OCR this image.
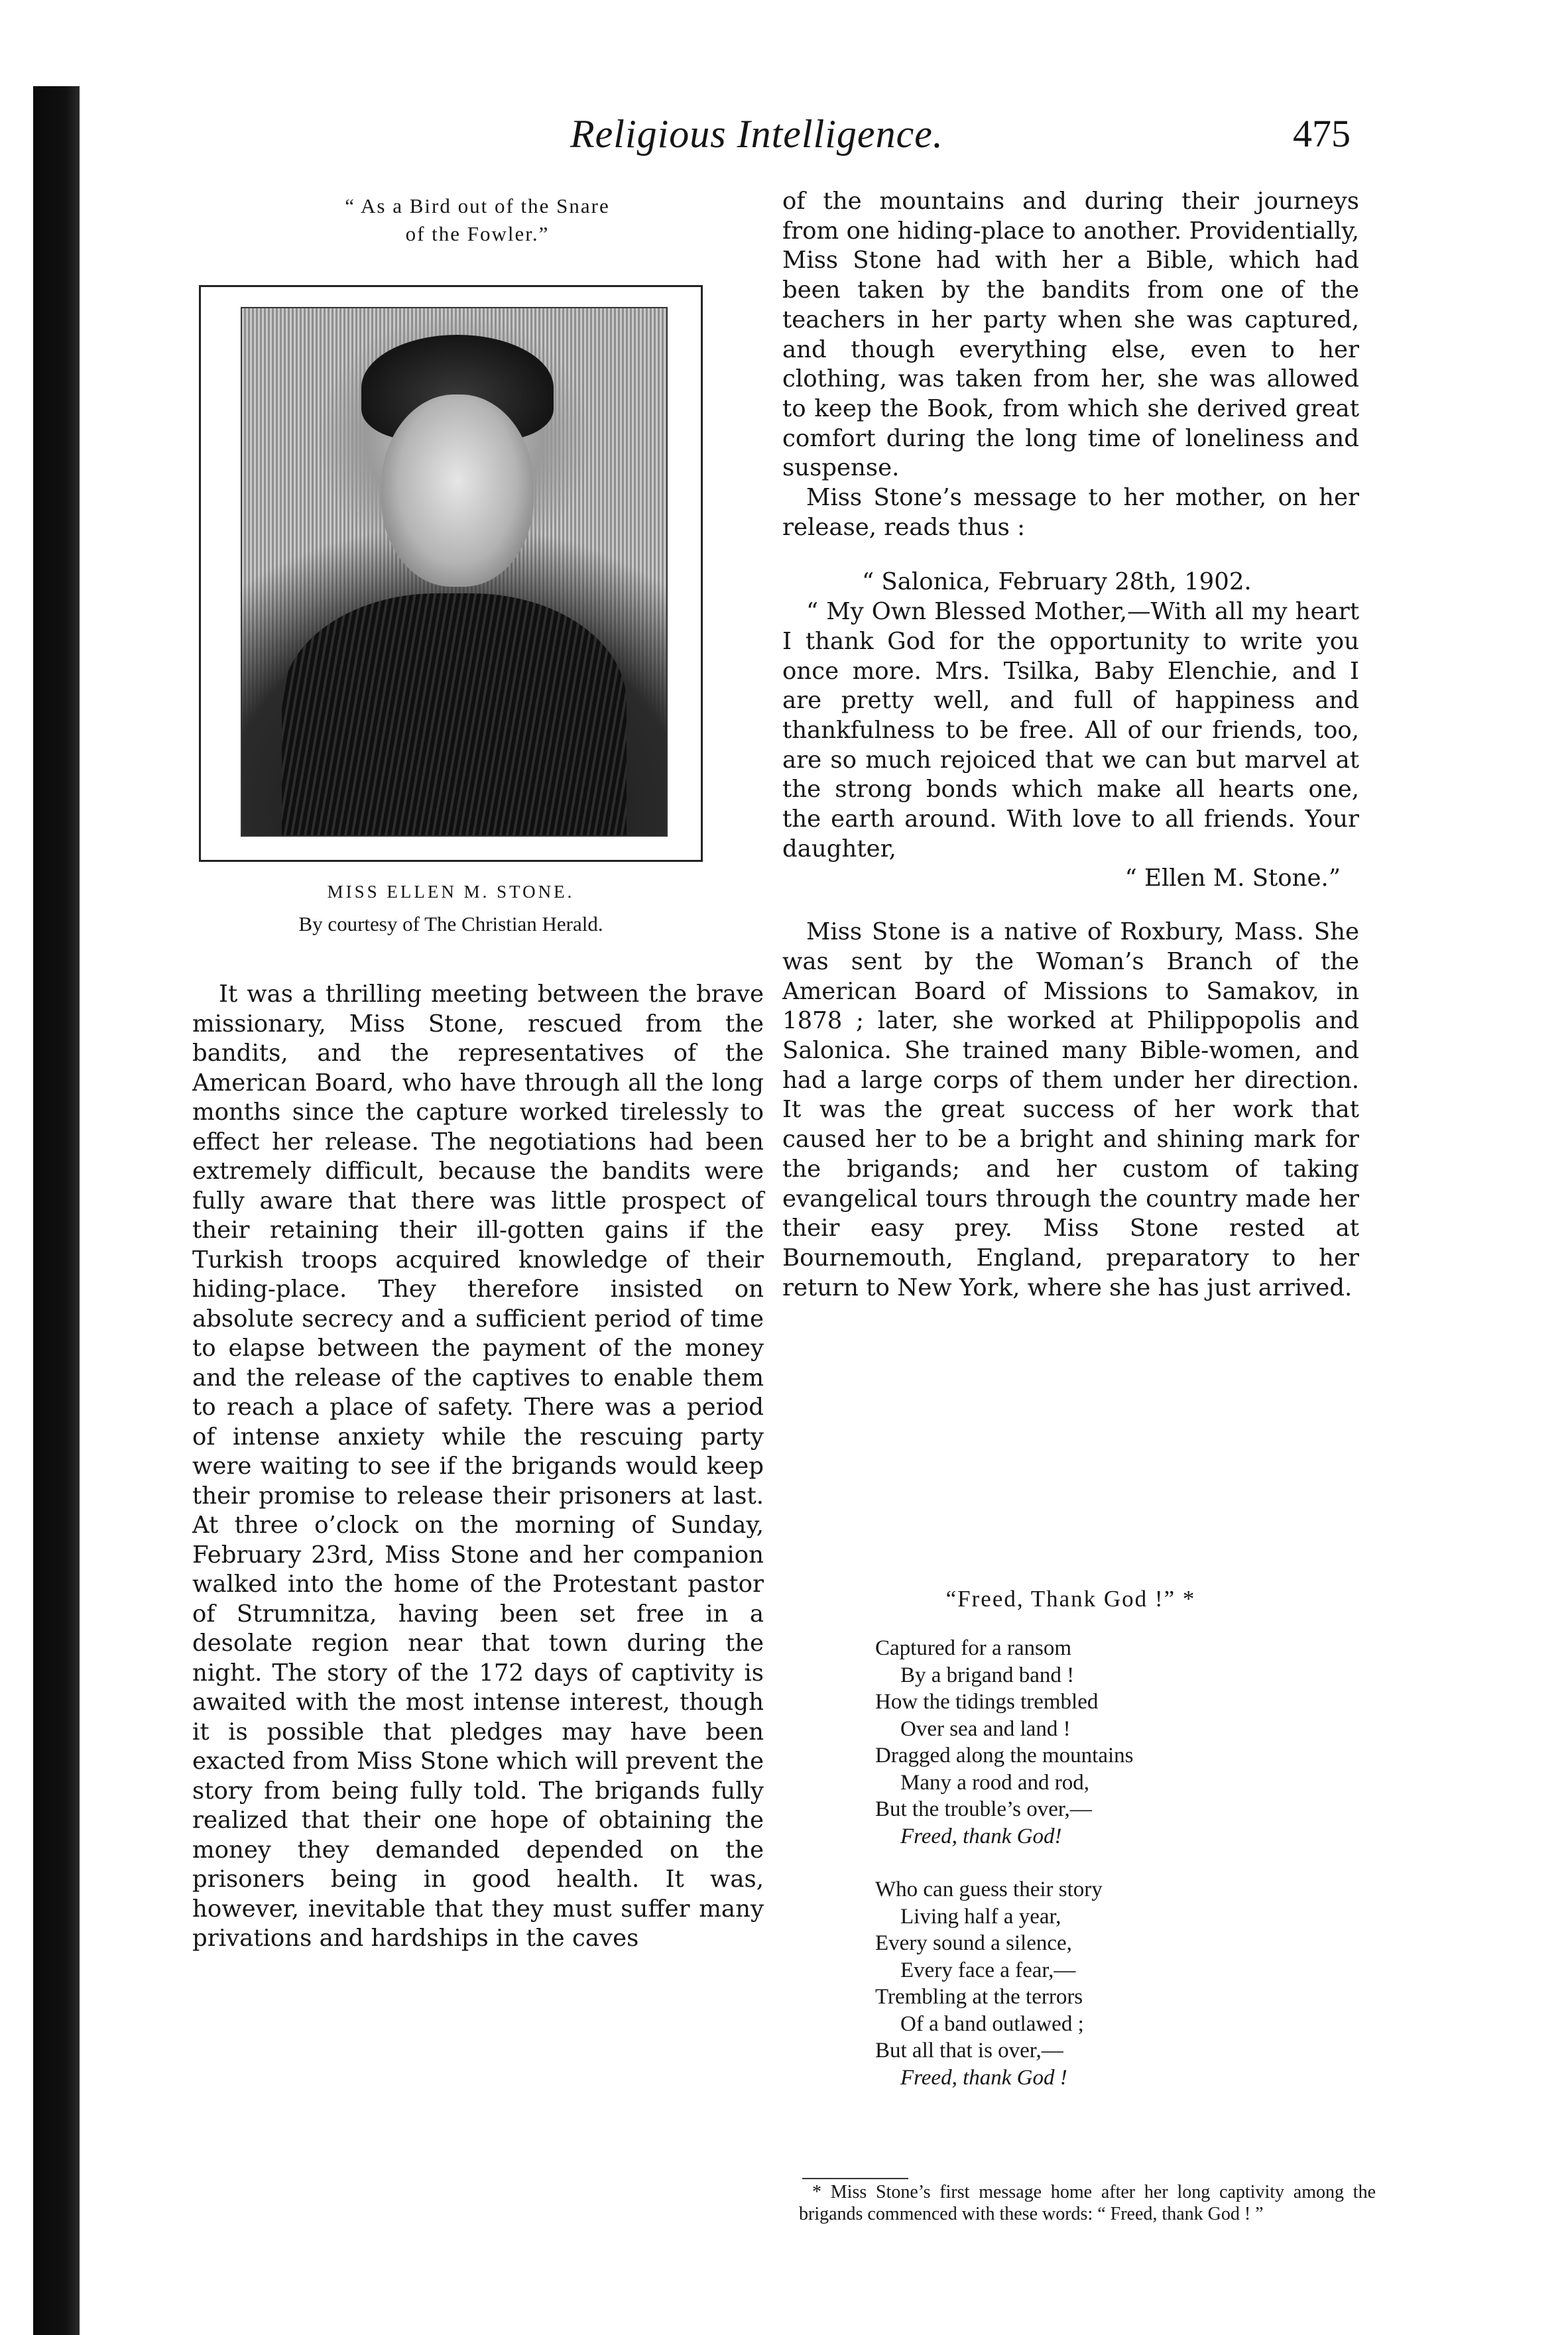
Religious Intelligence.	475
“ As a Bird out of the Snare
of the Fowler.”
MISS ELLEN M. STONE.
By courtesy of The Christian Herald.

It was a thrilling meeting between the brave missionary, Miss Stone, rescued from the bandits, and the representatives of the American Board, who have through all the long months since the capture worked tirelessly to effect her release. The negotiations had been extremely difficult, because the bandits were fully aware that there was little prospect of their retaining their ill-gotten gains if the Turkish troops acquired knowledge of their hiding-place. They therefore insisted on absolute secrecy and a sufficient period of time to elapse between the payment of the money and the release of the captives to enable them to reach a place of safety. There was a period of intense anxiety while the rescuing party were waiting to see if the brigands would keep their promise to release their prisoners at last. At three o’clock on the morning of Sunday, February 23rd, Miss Stone and her companion walked into the home of the Protestant pastor of Strumnitza, having been set free in a desolate region near that town during the night. The story of the 172 days of captivity is awaited with the most intense interest, though it is possible that pledges may have been exacted from Miss Stone which will prevent the story from being fully told. The brigands fully realized that their one hope of obtaining the money they demanded depended on the prisoners being in good health. It was, however, inevitable that they must suffer many privations and hardships in the caves

of the mountains and during their journeys from one hiding-place to another. Providentially, Miss Stone had with her a Bible, which had been taken by the bandits from one of the teachers in her party when she was captured, and though everything else, even to her clothing, was taken from her, she was allowed to keep the Book, from which she derived great comfort during the long time of loneliness and suspense.

Miss Stone’s message to her mother, on her release, reads thus :

“ Salonica, February 28th, 1902.

“ My Own Blessed Mother,—With all my heart I thank God for the opportunity to write you once more. Mrs. Tsilka, Baby Elenchie, and I are pretty well, and full of happiness and thankfulness to be free. All of our friends, too, are so much rejoiced that we can but marvel at the strong bonds which make all hearts one, the earth around. With love to all friends. Your daughter,

“ Ellen M. Stone.”

Miss Stone is a native of Roxbury, Mass. She was sent by the Woman’s Branch of the American Board of Missions to Samakov, in 1878 ; later, she worked at Philippopolis and Salonica. She trained many Bible-women, and had a large corps of them under her direction. It was the great success of her work that caused her to be a bright and shining mark for the brigands; and her custom of taking evangelical tours through the country made her their easy prey. Miss Stone rested at Bournemouth, England, preparatory to her return to New York, where she has just arrived.

“Freed, Thank God !” *
Captured for a ransom
By a brigand band !
How the tidings trembled
Over sea and land !
Dragged along the mountains
Many a rood and rod,
But the trouble’s over,—
Freed, thank God!
Who can guess their story
Living half a year,
Every sound a silence,
Every face a fear,—
Trembling at the terrors
Of a band outlawed ;
But all that is over,—
Freed, thank God !
* Miss Stone’s first message home after her long captivity among the brigands commenced with these words: “ Freed, thank God ! ”
